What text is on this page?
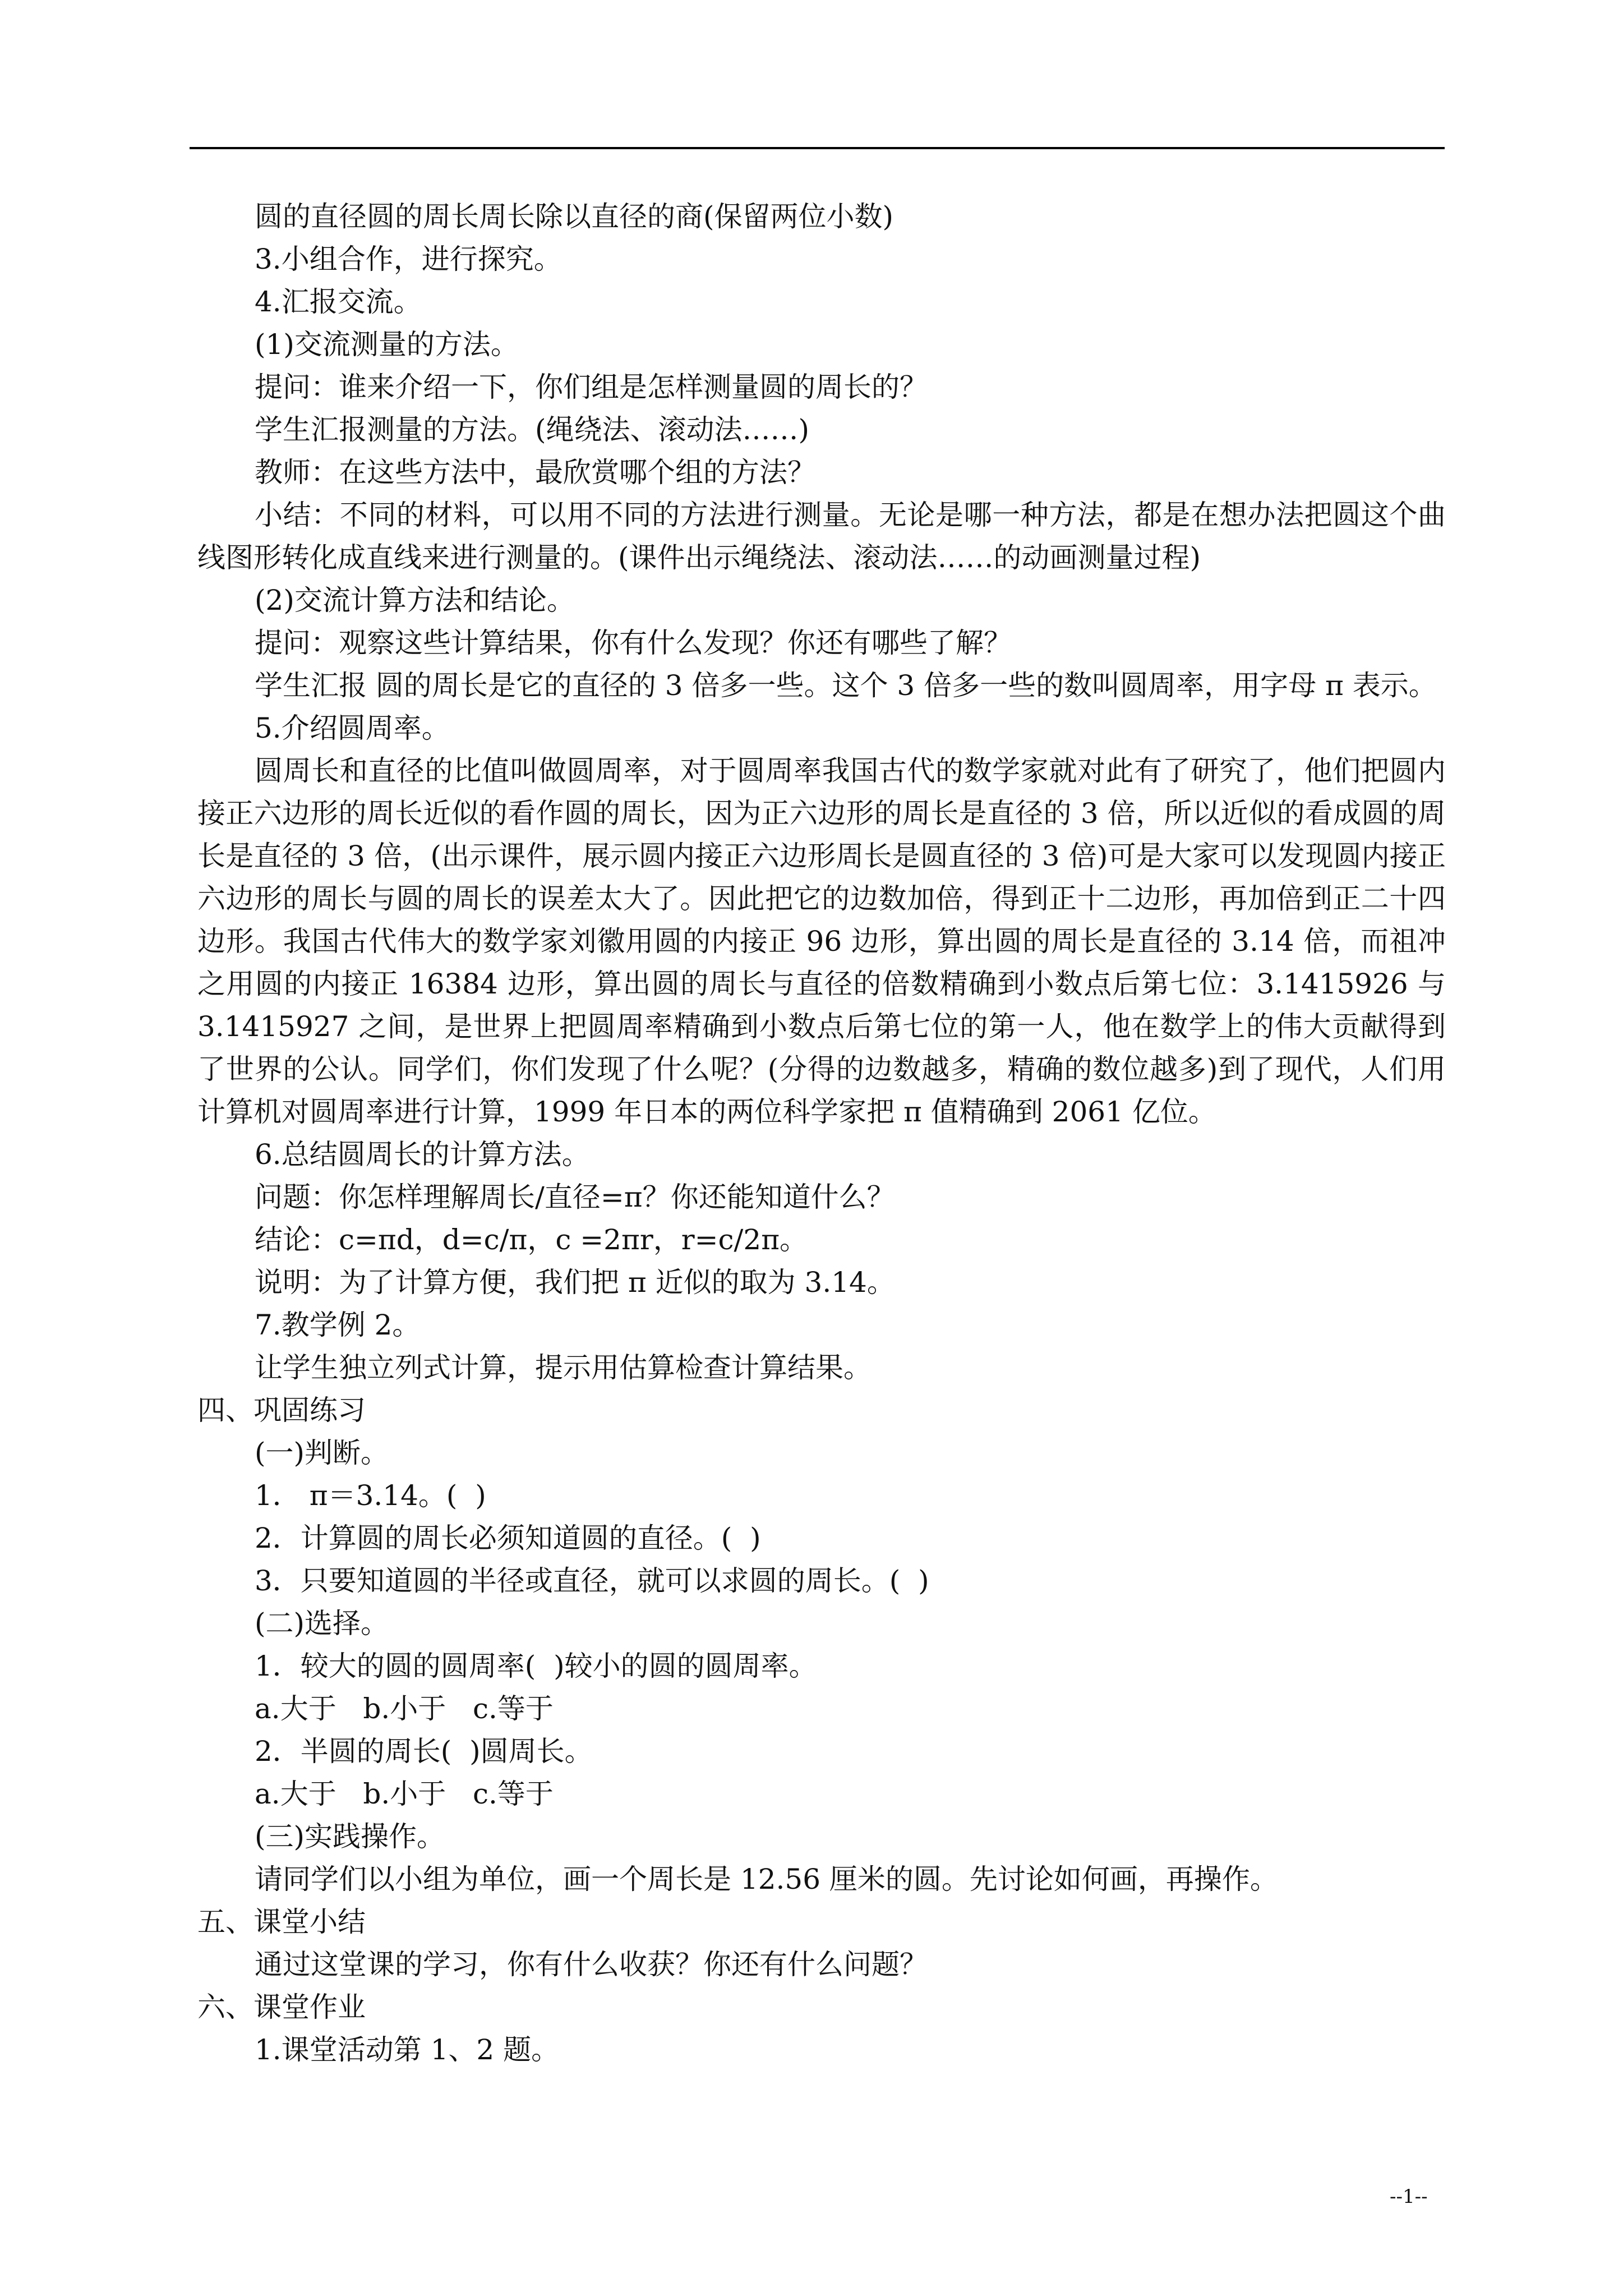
圆的直径圆的周长周长除以直径的商(保留两位小数)

3.小组合作，进行探究。

4.汇报交流。

(1)交流测量的方法。

提问：谁来介绍一下，你们组是怎样测量圆的周长的？

学生汇报测量的方法。(绳绕法、滚动法……)

教师：在这些方法中，最欣赏哪个组的方法？

小结：不同的材料，可以用不同的方法进行测量。无论是哪一种方法，都是在想办法把圆这个曲线图形转化成直线来进行测量的。(课件出示绳绕法、滚动法……的动画测量过程)

(2)交流计算方法和结论。

提问：观察这些计算结果，你有什么发现？你还有哪些了解？

学生汇报 圆的周长是它的直径的 3 倍多一些。这个 3 倍多一些的数叫圆周率，用字母 π 表示。

5.介绍圆周率。

圆周长和直径的比值叫做圆周率，对于圆周率我国古代的数学家就对此有了研究了，他们把圆内接正六边形的周长近似的看作圆的周长，因为正六边形的周长是直径的 3 倍，所以近似的看成圆的周长是直径的 3 倍，(出示课件，展示圆内接正六边形周长是圆直径的 3 倍)可是大家可以发现圆内接正六边形的周长与圆的周长的误差太大了。因此把它的边数加倍，得到正十二边形，再加倍到正二十四边形。我国古代伟大的数学家刘徽用圆的内接正 96 边形，算出圆的周长是直径的 3.14 倍，而祖冲之用圆的内接正 16384 边形，算出圆的周长与直径的倍数精确到小数点后第七位：3.1415926 与 3.1415927 之间，是世界上把圆周率精确到小数点后第七位的第一人，他在数学上的伟大贡献得到了世界的公认。同学们，你们发现了什么呢？(分得的边数越多，精确的数位越多)到了现代，人们用计算机对圆周率进行计算，1999 年日本的两位科学家把 π 值精确到 2061 亿位。

6.总结圆周长的计算方法。

问题：你怎样理解周长/直径=π？你还能知道什么？

结论：c=πd，d=c/π，c =2πr，r=c/2π。

说明：为了计算方便，我们把 π 近似的取为 3.14。

7.教学例 2。

让学生独立列式计算，提示用估算检查计算结果。

四、巩固练习

(一)判断。

1． π＝3.14。(  )

2．计算圆的周长必须知道圆的直径。(  )

3．只要知道圆的半径或直径，就可以求圆的周长。(  )

(二)选择。

1．较大的圆的圆周率(  )较小的圆的圆周率。

a.大于   b.小于   c.等于

2．半圆的周长(  )圆周长。

a.大于   b.小于   c.等于

(三)实践操作。

请同学们以小组为单位，画一个周长是 12.56 厘米的圆。先讨论如何画，再操作。

五、课堂小结

通过这堂课的学习，你有什么收获？你还有什么问题？

六、课堂作业

1.课堂活动第 1、2 题。

--1--
